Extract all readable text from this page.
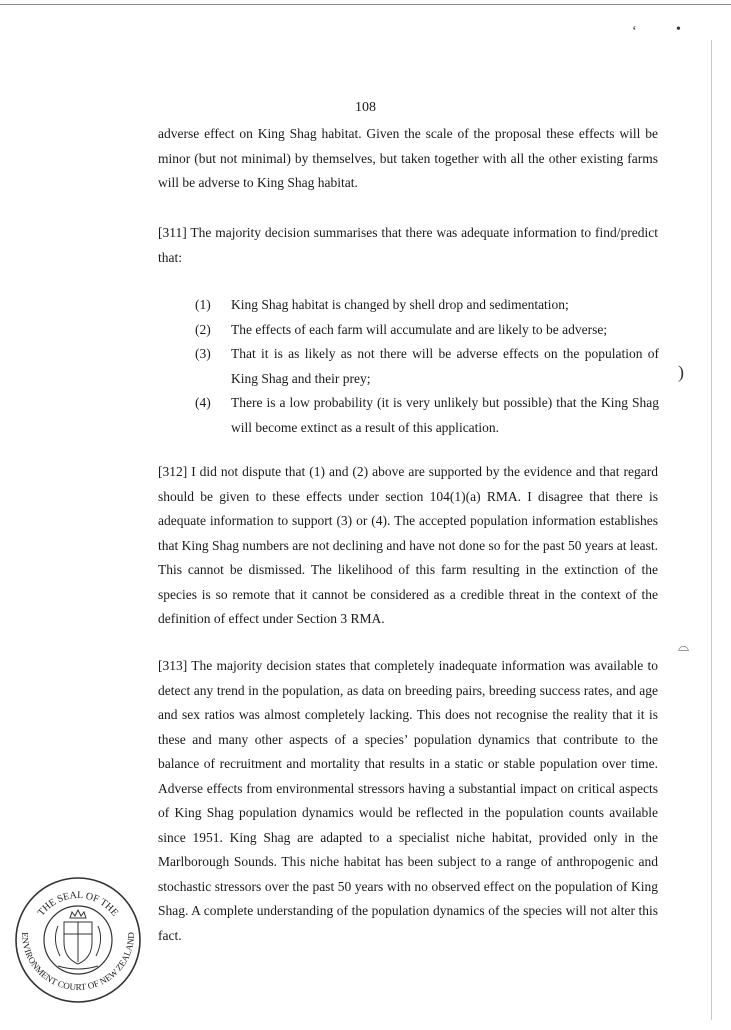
‘	•
)
⌓
108
adverse effect on King Shag habitat. Given the scale of the proposal these effects will be minor (but not minimal) by themselves, but taken together with all the other existing farms will be adverse to King Shag habitat.
[311] The majority decision summarises that there was adequate information to find/predict that:
(1)	King Shag habitat is changed by shell drop and sedimentation;
(2)	The effects of each farm will accumulate and are likely to be adverse;
(3)	That it is as likely as not there will be adverse effects on the population of King Shag and their prey;
(4)	There is a low probability (it is very unlikely but possible) that the King Shag will become extinct as a result of this application.
[312] I did not dispute that (1) and (2) above are supported by the evidence and that regard should be given to these effects under section 104(1)(a) RMA. I disagree that there is adequate information to support (3) or (4). The accepted population information establishes that King Shag numbers are not declining and have not done so for the past 50 years at least. This cannot be dismissed. The likelihood of this farm resulting in the extinction of the species is so remote that it cannot be considered as a credible threat in the context of the definition of effect under Section 3 RMA.
[313] The majority decision states that completely inadequate information was available to detect any trend in the population, as data on breeding pairs, breeding success rates, and age and sex ratios was almost completely lacking. This does not recognise the reality that it is these and many other aspects of a species’ population dynamics that contribute to the balance of recruitment and mortality that results in a static or stable population over time. Adverse effects from environmental stressors having a substantial impact on critical aspects of King Shag population dynamics would be reflected in the population counts available since 1951. King Shag are adapted to a specialist niche habitat, provided only in the Marlborough Sounds. This niche habitat has been subject to a range of anthropogenic and stochastic stressors over the past 50 years with no observed effect on the population of King Shag. A complete understanding of the population dynamics of the species will not alter this fact.
THE SEAL OF THE
ENVIRONMENT COURT OF NEW ZEALAND
